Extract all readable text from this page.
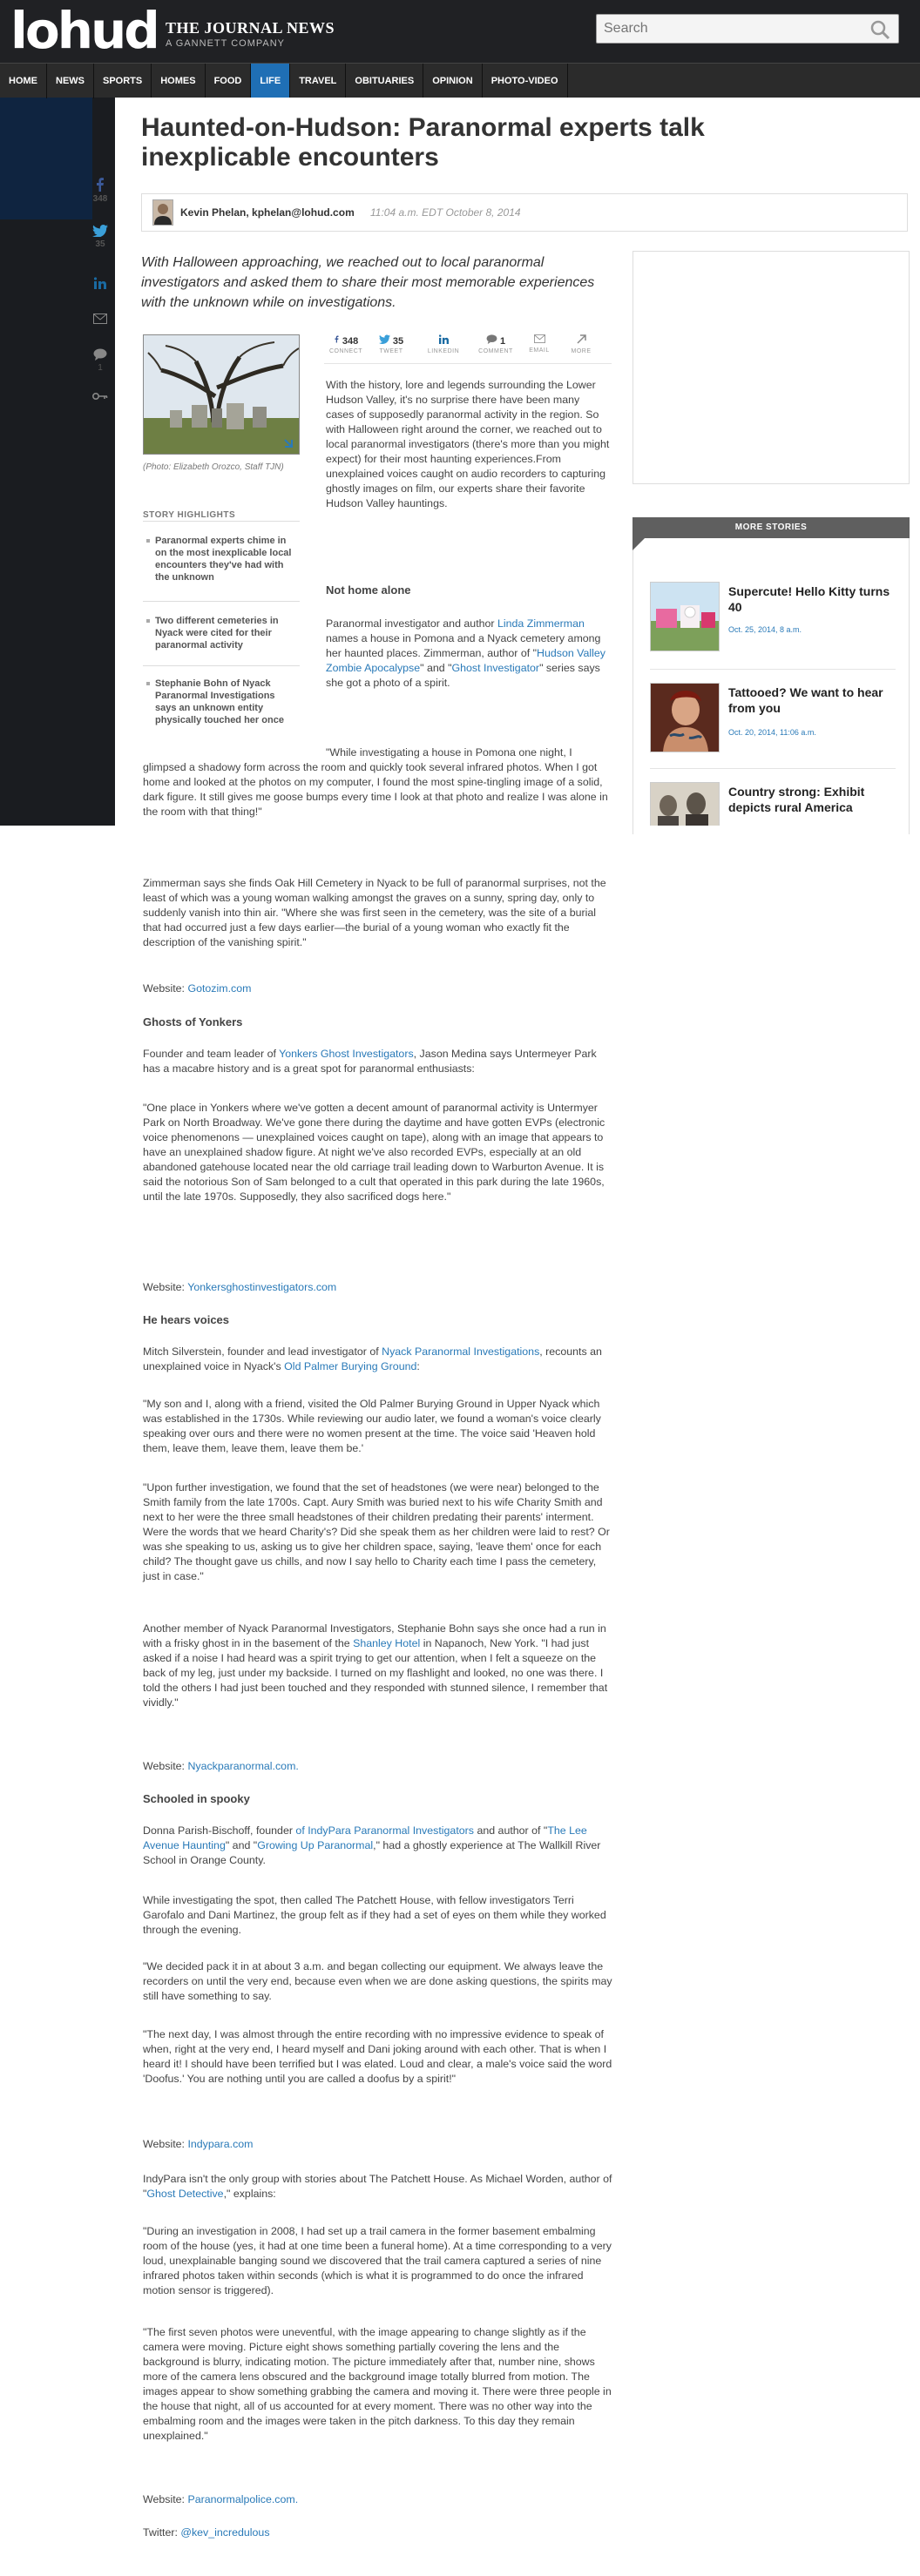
lohud THE JOURNAL NEWS
A GANNETT COMPANY
Search
HOME	NEWS	SPORTS	HOMES	FOOD	LIFE	TRAVEL	OBITUARIES	OPINION	PHOTO-VIDEO
348
35
1
Haunted-on-Hudson: Paranormal experts talk inexplicable encounters
Kevin Phelan, kphelan@lohud.com 11:04 a.m. EDT October 8, 2014
With Halloween approaching, we reached out to local paranormal investigators and asked them to share their most memorable experiences with the unknown while on investigations.
(Photo: Elizabeth Orozco, Staff TJN)
STORY HIGHLIGHTS
Paranormal experts chime in on the most inexplicable local encounters they've had with the unknown
Two different cemeteries in Nyack were cited for their paranormal activity
Stephanie Bohn of Nyack Paranormal Investigations says an unknown entity physically touched her once
348
CONNECT
35
TWEET	LINKEDIN
1
COMMENT	EMAIL	MORE
With the history, lore and legends surrounding the Lower Hudson Valley, it's no surprise there have been many cases of supposedly paranormal activity in the region. So with Halloween right around the corner, we reached out to local paranormal investigators (there's more than you might expect) for their most haunting experiences.From unexplained voices caught on audio recorders to capturing ghostly images on film, our experts share their favorite Hudson Valley hauntings.
Not home alone
Paranormal investigator and author Linda Zimmerman names a house in Pomona and a Nyack cemetery among her haunted places. Zimmerman, author of "Hudson Valley Zombie Apocalypse" and "Ghost Investigator" series says she got a photo of a spirit.
"While investigating a house in Pomona one night, I glimpsed a shadowy form across the room and quickly took several infrared photos. When I got home and looked at the photos on my computer, I found the most spine-tingling image of a solid, dark figure. It still gives me goose bumps every time I look at that photo and realize I was alone in the room with that thing!"
Zimmerman says she finds Oak Hill Cemetery in Nyack to be full of paranormal surprises, not the least of which was a young woman walking amongst the graves on a sunny, spring day, only to suddenly vanish into thin air. "Where she was first seen in the cemetery, was the site of a burial that had occurred just a few days earlier—the burial of a young woman who exactly fit the description of the vanishing spirit."
Website: Gotozim.com
Ghosts of Yonkers
Founder and team leader of Yonkers Ghost Investigators, Jason Medina says Untermeyer Park has a macabre history and is a great spot for paranormal enthusiasts:
"One place in Yonkers where we've gotten a decent amount of paranormal activity is Untermyer Park on North Broadway. We've gone there during the daytime and have gotten EVPs (electronic voice phenomenons — unexplained voices caught on tape), along with an image that appears to have an unexplained shadow figure. At night we've also recorded EVPs, especially at an old abandoned gatehouse located near the old carriage trail leading down to Warburton Avenue. It is said the notorious Son of Sam belonged to a cult that operated in this park during the late 1960s, until the late 1970s. Supposedly, they also sacrificed dogs here."
Website: Yonkersghostinvestigators.com
He hears voices
Mitch Silverstein, founder and lead investigator of Nyack Paranormal Investigations, recounts an unexplained voice in Nyack's Old Palmer Burying Ground:
"My son and I, along with a friend, visited the Old Palmer Burying Ground in Upper Nyack which was established in the 1730s. While reviewing our audio later, we found a woman's voice clearly speaking over ours and there were no women present at the time. The voice said 'Heaven hold them, leave them, leave them, leave them be.'
"Upon further investigation, we found that the set of headstones (we were near) belonged to the Smith family from the late 1700s. Capt. Aury Smith was buried next to his wife Charity Smith and next to her were the three small headstones of their children predating their parents' interment. Were the words that we heard Charity's? Did she speak them as her children were laid to rest? Or was she speaking to us, asking us to give her children space, saying, 'leave them' once for each child? The thought gave us chills, and now I say hello to Charity each time I pass the cemetery, just in case."
Another member of Nyack Paranormal Investigators, Stephanie Bohn says she once had a run in with a frisky ghost in in the basement of the Shanley Hotel in Napanoch, New York. "I had just asked if a noise I had heard was a spirit trying to get our attention, when I felt a squeeze on the back of my leg, just under my backside. I turned on my flashlight and looked, no one was there. I told the others I had just been touched and they responded with stunned silence, I remember that vividly."
Website: Nyackparanormal.com.
Schooled in spooky
Donna Parish-Bischoff, founder of IndyPara Paranormal Investigators and author of "The Lee Avenue Haunting" and "Growing Up Paranormal," had a ghostly experience at The Wallkill River School in Orange County.
While investigating the spot, then called The Patchett House, with fellow investigators Terri Garofalo and Dani Martinez, the group felt as if they had a set of eyes on them while they worked through the evening.
"We decided pack it in at about 3 a.m. and began collecting our equipment. We always leave the recorders on until the very end, because even when we are done asking questions, the spirits may still have something to say.
"The next day, I was almost through the entire recording with no impressive evidence to speak of when, right at the very end, I heard myself and Dani joking around with each other. That is when I heard it! I should have been terrified but I was elated. Loud and clear, a male's voice said the word 'Doofus.' You are nothing until you are called a doofus by a spirit!"
Website: Indypara.com
IndyPara isn't the only group with stories about The Patchett House. As Michael Worden, author of "Ghost Detective," explains:
"During an investigation in 2008, I had set up a trail camera in the former basement embalming room of the house (yes, it had at one time been a funeral home). At a time corresponding to a very loud, unexplainable banging sound we discovered that the trail camera captured a series of nine infrared photos taken within seconds (which is what it is programmed to do once the infrared motion sensor is triggered).
"The first seven photos were uneventful, with the image appearing to change slightly as if the camera were moving. Picture eight shows something partially covering the lens and the background is blurry, indicating motion. The picture immediately after that, number nine, shows more of the camera lens obscured and the background image totally blurred from motion. The images appear to show something grabbing the camera and moving it. There were three people in the house that night, all of us accounted for at every moment. There was no other way into the embalming room and the images were taken in the pitch darkness. To this day they remain unexplained."
Website: Paranormalpolice.com.
Twitter: @kev_incredulous
MORE STORIES
Supercute! Hello Kitty turns 40
Oct. 25, 2014, 8 a.m.
Tattooed? We want to hear from you
Oct. 20, 2014, 11:06 a.m.
Country strong: Exhibit depicts rural America
